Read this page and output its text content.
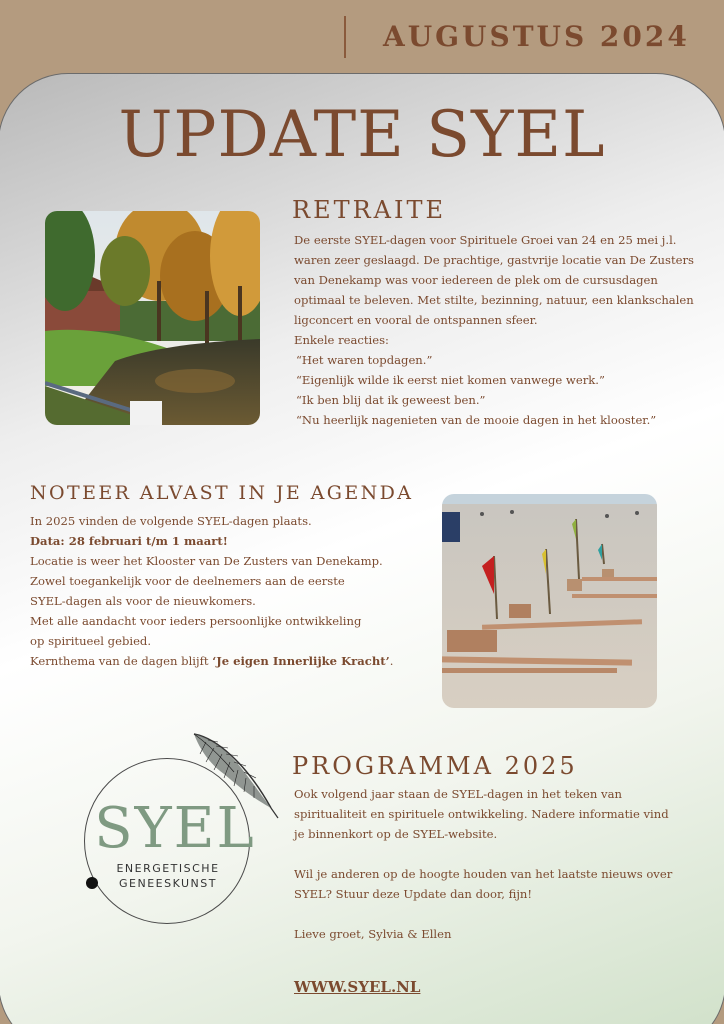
AUGUSTUS 2024
UPDATE SYEL
RETRAITE

De eerste SYEL-dagen voor Spirituele Groei van 24 en 25 mei j.l.

waren zeer geslaagd. De prachtige, gastvrije locatie van De Zusters

van Denekamp was voor iedereen de plek om de cursusdagen

optimaal te beleven. Met stilte, bezinning, natuur, een klankschalen

ligconcert en vooral de ontspannen sfeer.

Enkele reacties:

“Het waren topdagen.”

“Eigenlijk wilde ik eerst niet komen vanwege werk.”

“Ik ben blij dat ik geweest ben.”

“Nu heerlijk nagenieten van de mooie dagen in het klooster.”

NOTEER ALVAST IN JE AGENDA

In 2025 vinden de volgende SYEL-dagen plaats.

Data: 28 februari t/m 1 maart!

Locatie is weer het Klooster van De Zusters van Denekamp.

Zowel toegankelijk voor de deelnemers aan de eerste

SYEL-dagen als voor de nieuwkomers.

Met alle aandacht voor ieders persoonlijke ontwikkeling

op spiritueel gebied.

Kernthema van de dagen blijft ‘Je eigen Innerlijke Kracht’.

SYEL
ENERGETISCHE
GENEESKUNST
PROGRAMMA 2025

Ook volgend jaar staan de SYEL-dagen in het teken van

spiritualiteit en spirituele ontwikkeling. Nadere informatie vind

je binnenkort op de SYEL-website.

Wil je anderen op de hoogte houden van het laatste nieuws over

SYEL? Stuur deze Update dan door, fijn!

Lieve groet, Sylvia & Ellen

WWW.SYEL.NL
